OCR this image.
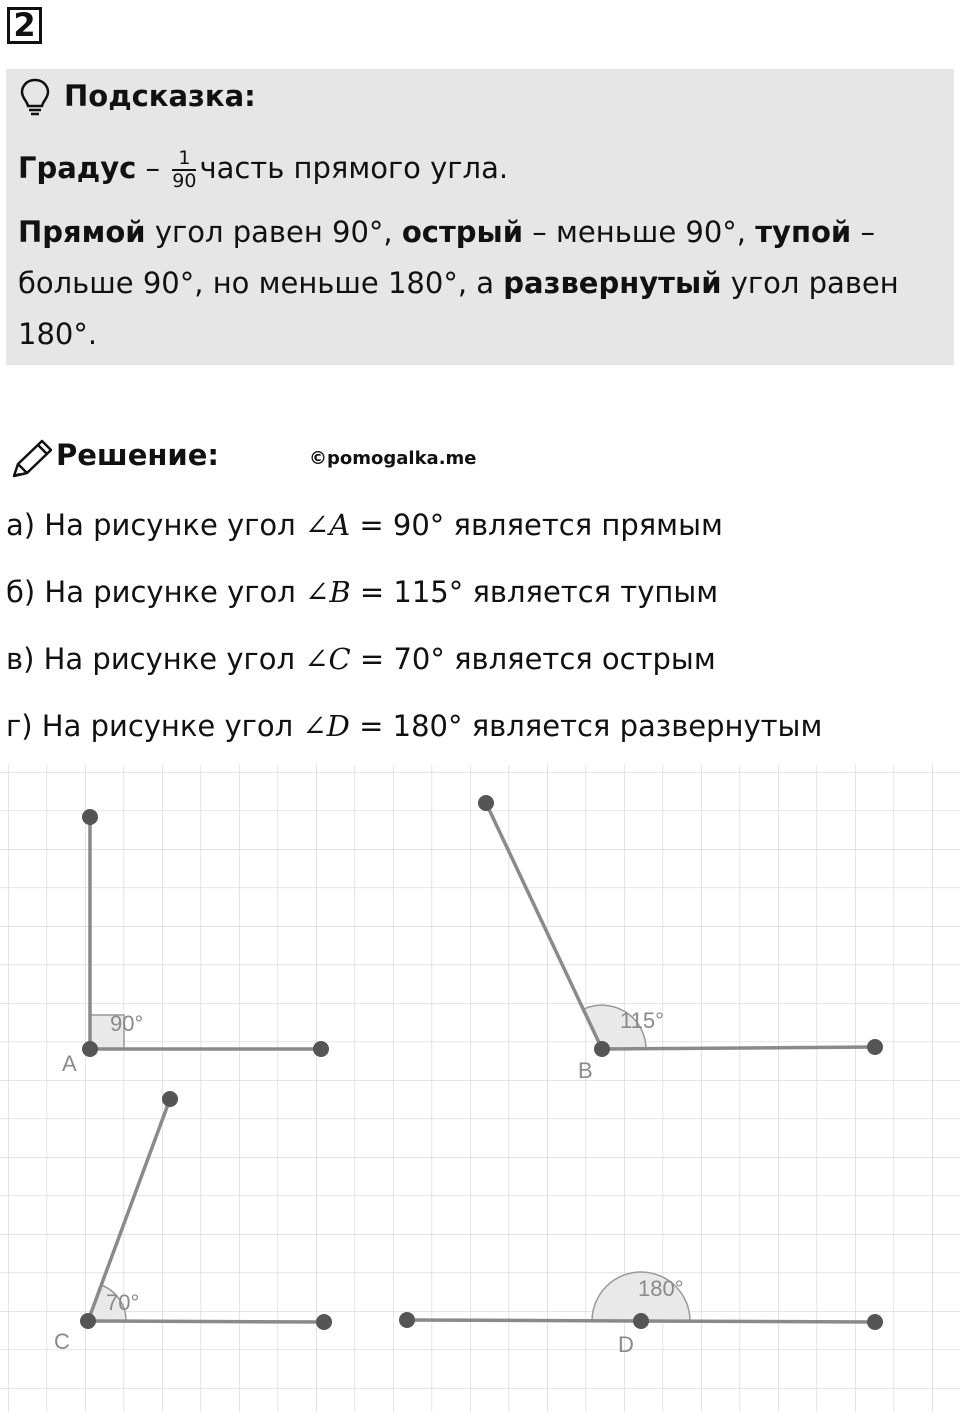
2
Подсказка:
Градус – $\frac{1}{90}$ часть прямого угла.
Прямой угол равен 90°, острый – меньше 90°, тупой –
больше 90°, но меньше 180°, а развернутый угол равен
180°.
Решение:	©pomogalka.me
а) На рисунке угол ∠A = 90° является прямым
б) На рисунке угол ∠B = 115° является тупым
в) На рисунке угол ∠C = 70° является острым
г) На рисунке угол ∠D = 180° является развернутым
90°
A
115°
B
70°
C
180°
D
